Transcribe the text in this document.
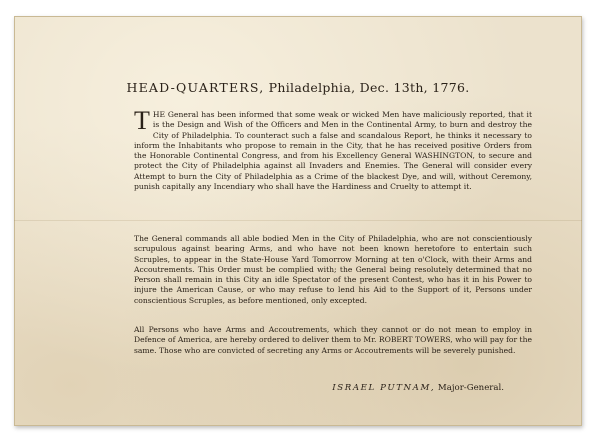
HEAD-QUARTERS, Philadelphia, Dec. 13th, 1776.

THE General has been informed that some weak or wicked Men have maliciously reported, that it is the Design and Wish of the Officers and Men in the Continental Army, to burn and destroy the City of Philadelphia. To counteract such a false and scandalous Report, he thinks it necessary to inform the Inhabitants who propose to remain in the City, that he has received positive Orders from the Honorable Continental Congress, and from his Excellency General WASHINGTON, to secure and protect the City of Philadelphia against all Invaders and Enemies. The General will consider every Attempt to burn the City of Philadelphia as a Crime of the blackest Dye, and will, without Ceremony, punish capitally any Incendiary who shall have the Hardiness and Cruelty to attempt it.

The General commands all able bodied Men in the City of Philadelphia, who are not conscientiously scrupulous against bearing Arms, and who have not been known heretofore to entertain such Scruples, to appear in the State-House Yard Tomorrow Morning at ten o'Clock, with their Arms and Accoutrements. This Order must be complied with; the General being resolutely determined that no Person shall remain in this City an idle Spectator of the present Contest, who has it in his Power to injure the American Cause, or who may refuse to lend his Aid to the Support of it, Persons under conscientious Scruples, as before mentioned, only excepted.

All Persons who have Arms and Accoutrements, which they cannot or do not mean to employ in Defence of America, are hereby ordered to deliver them to Mr. ROBERT TOWERS, who will pay for the same. Those who are convicted of secreting any Arms or Accoutrements will be severely punished.

ISRAEL PUTNAM, Major-General.
